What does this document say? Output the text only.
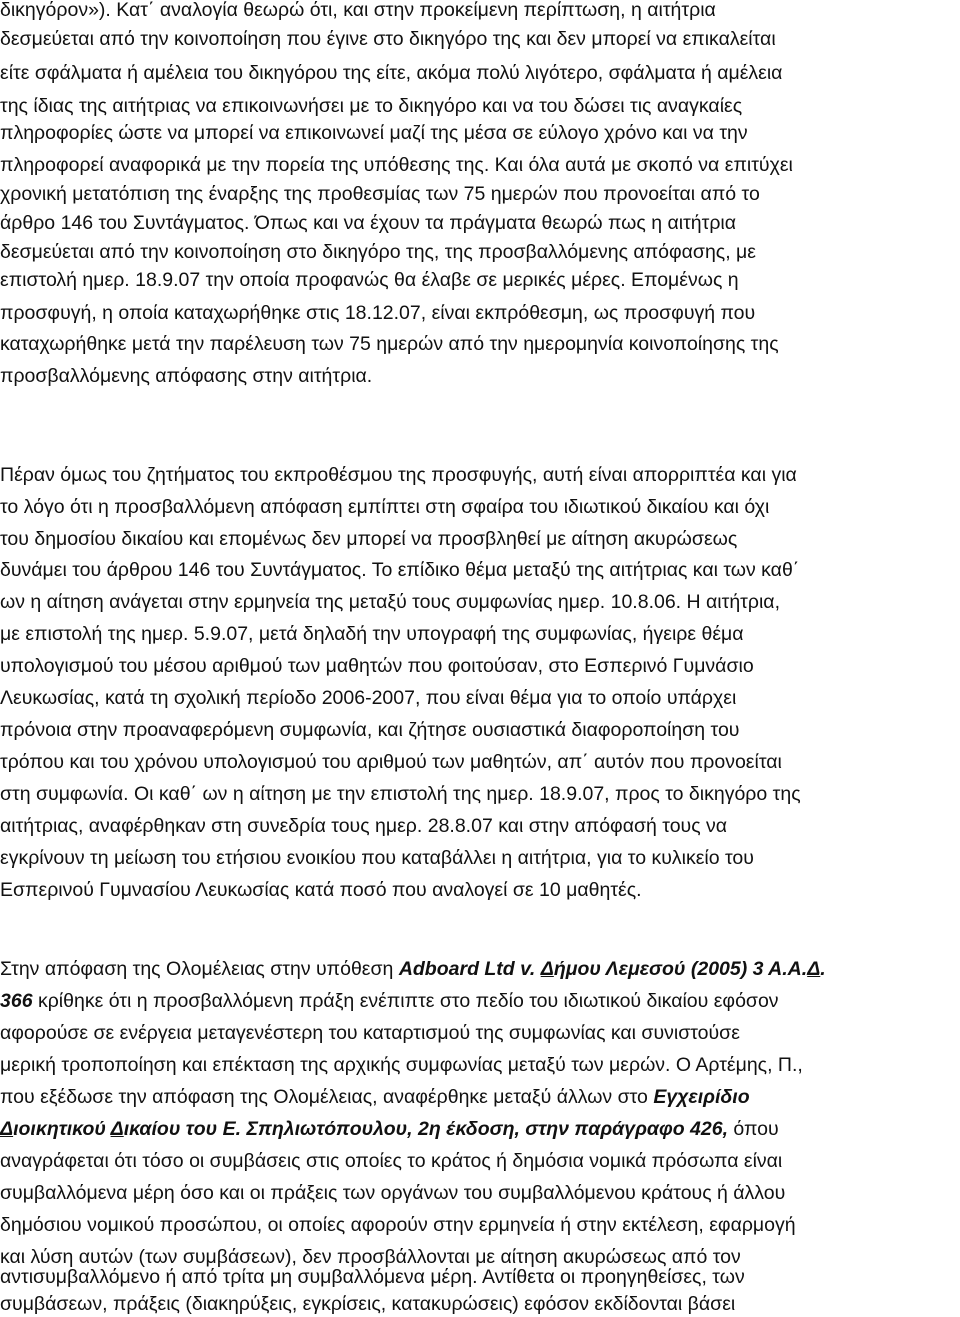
δικηγόρον»). Κατ΄ αναλογία θεωρώ ότι, και στην προκείμενη περίπτωση, η αιτήτρια
δεσμεύεται από την κοινοποίηση που έγινε στο δικηγόρο της και δεν μπορεί να επικαλείται
είτε σφάλματα ή αμέλεια του δικηγόρου της είτε, ακόμα πολύ λιγότερο, σφάλματα ή αμέλεια
της ίδιας της αιτήτριας να επικοινωνήσει με το δικηγόρο και να του δώσει τις αναγκαίες
πληροφορίες ώστε να μπορεί να επικοινωνεί μαζί της μέσα σε εύλογο χρόνο και να την
πληροφορεί αναφορικά με την πορεία της υπόθεσης της. Και όλα αυτά με σκοπό να επιτύχει
χρονική μετατόπιση της έναρξης της προθεσμίας των 75 ημερών που προνοείται από το
άρθρο 146 του Συντάγματος. Όπως και να έχουν τα πράγματα θεωρώ πως η αιτήτρια
δεσμεύεται από την κοινοποίηση στο δικηγόρο της, της προσβαλλόμενης απόφασης, με
επιστολή ημερ. 18.9.07 την οποία προφανώς θα έλαβε σε μερικές μέρες. Επομένως η
προσφυγή, η οποία καταχωρήθηκε στις 18.12.07, είναι εκπρόθεσμη, ως προσφυγή που
καταχωρήθηκε μετά την παρέλευση των 75 ημερών από την ημερομηνία κοινοποίησης της
προσβαλλόμενης απόφασης στην αιτήτρια.
Πέραν όμως του ζητήματος του εκπροθέσμου της προσφυγής, αυτή είναι απορριπτέα και για
το λόγο ότι η προσβαλλόμενη απόφαση εμπίπτει στη σφαίρα του ιδιωτικού δικαίου και όχι
του δημοσίου δικαίου και επομένως δεν μπορεί να προσβληθεί με αίτηση ακυρώσεως
δυνάμει του άρθρου 146 του Συντάγματος. Το επίδικο θέμα μεταξύ της αιτήτριας και των καθ΄
ων η αίτηση ανάγεται στην ερμηνεία της μεταξύ τους συμφωνίας ημερ. 10.8.06. Η αιτήτρια,
με επιστολή της ημερ. 5.9.07, μετά δηλαδή την υπογραφή της συμφωνίας, ήγειρε θέμα
υπολογισμού του μέσου αριθμού των μαθητών που φοιτούσαν, στο Εσπερινό Γυμνάσιο
Λευκωσίας, κατά τη σχολική περίοδο 2006-2007, που είναι θέμα για το οποίο υπάρχει
πρόνοια στην προαναφερόμενη συμφωνία, και ζήτησε ουσιαστικά διαφοροποίηση του
τρόπου και του χρόνου υπολογισμού του αριθμού των μαθητών, απ΄ αυτόν που προνοείται
στη συμφωνία. Οι καθ΄ ων η αίτηση με την επιστολή της ημερ. 18.9.07, προς το δικηγόρο της
αιτήτριας, αναφέρθηκαν στη συνεδρία τους ημερ. 28.8.07 και στην απόφασή τους να
εγκρίνουν τη μείωση του ετήσιου ενοικίου που καταβάλλει η αιτήτρια, για το κυλικείο του
Εσπερινού Γυμνασίου Λευκωσίας κατά ποσό που αναλογεί σε 10 μαθητές.
Στην απόφαση της Ολομέλειας στην υπόθεση Adboard Ltd v. Δήμου Λεμεσού (2005) 3 Α.Α.Δ.
366 κρίθηκε ότι η προσβαλλόμενη πράξη ενέπιπτε στο πεδίο του ιδιωτικού δικαίου εφόσον
αφορούσε σε ενέργεια μεταγενέστερη του καταρτισμού της συμφωνίας και συνιστούσε
μερική τροποποίηση και επέκταση της αρχικής συμφωνίας μεταξύ των μερών. Ο Αρτέμης, Π.,
που εξέδωσε την απόφαση της Ολομέλειας, αναφέρθηκε μεταξύ άλλων στο Εγχειρίδιο
Διοικητικού Δικαίου του Ε. Σπηλιωτόπουλου, 2η έκδοση, στην παράγραφο 426, όπου
αναγράφεται ότι τόσο οι συμβάσεις στις οποίες το κράτος ή δημόσια νομικά πρόσωπα είναι
συμβαλλόμενα μέρη όσο και οι πράξεις των οργάνων του συμβαλλόμενου κράτους ή άλλου
δημόσιου νομικού προσώπου, οι οποίες αφορούν στην ερμηνεία ή στην εκτέλεση, εφαρμογή
και λύση αυτών (των συμβάσεων), δεν προσβάλλονται με αίτηση ακυρώσεως από τον
αντισυμβαλλόμενο ή από τρίτα μη συμβαλλόμενα μέρη. Αντίθετα οι προηγηθείσες, των
συμβάσεων, πράξεις (διακηρύξεις, εγκρίσεις, κατακυρώσεις) εφόσον εκδίδονται βάσει
